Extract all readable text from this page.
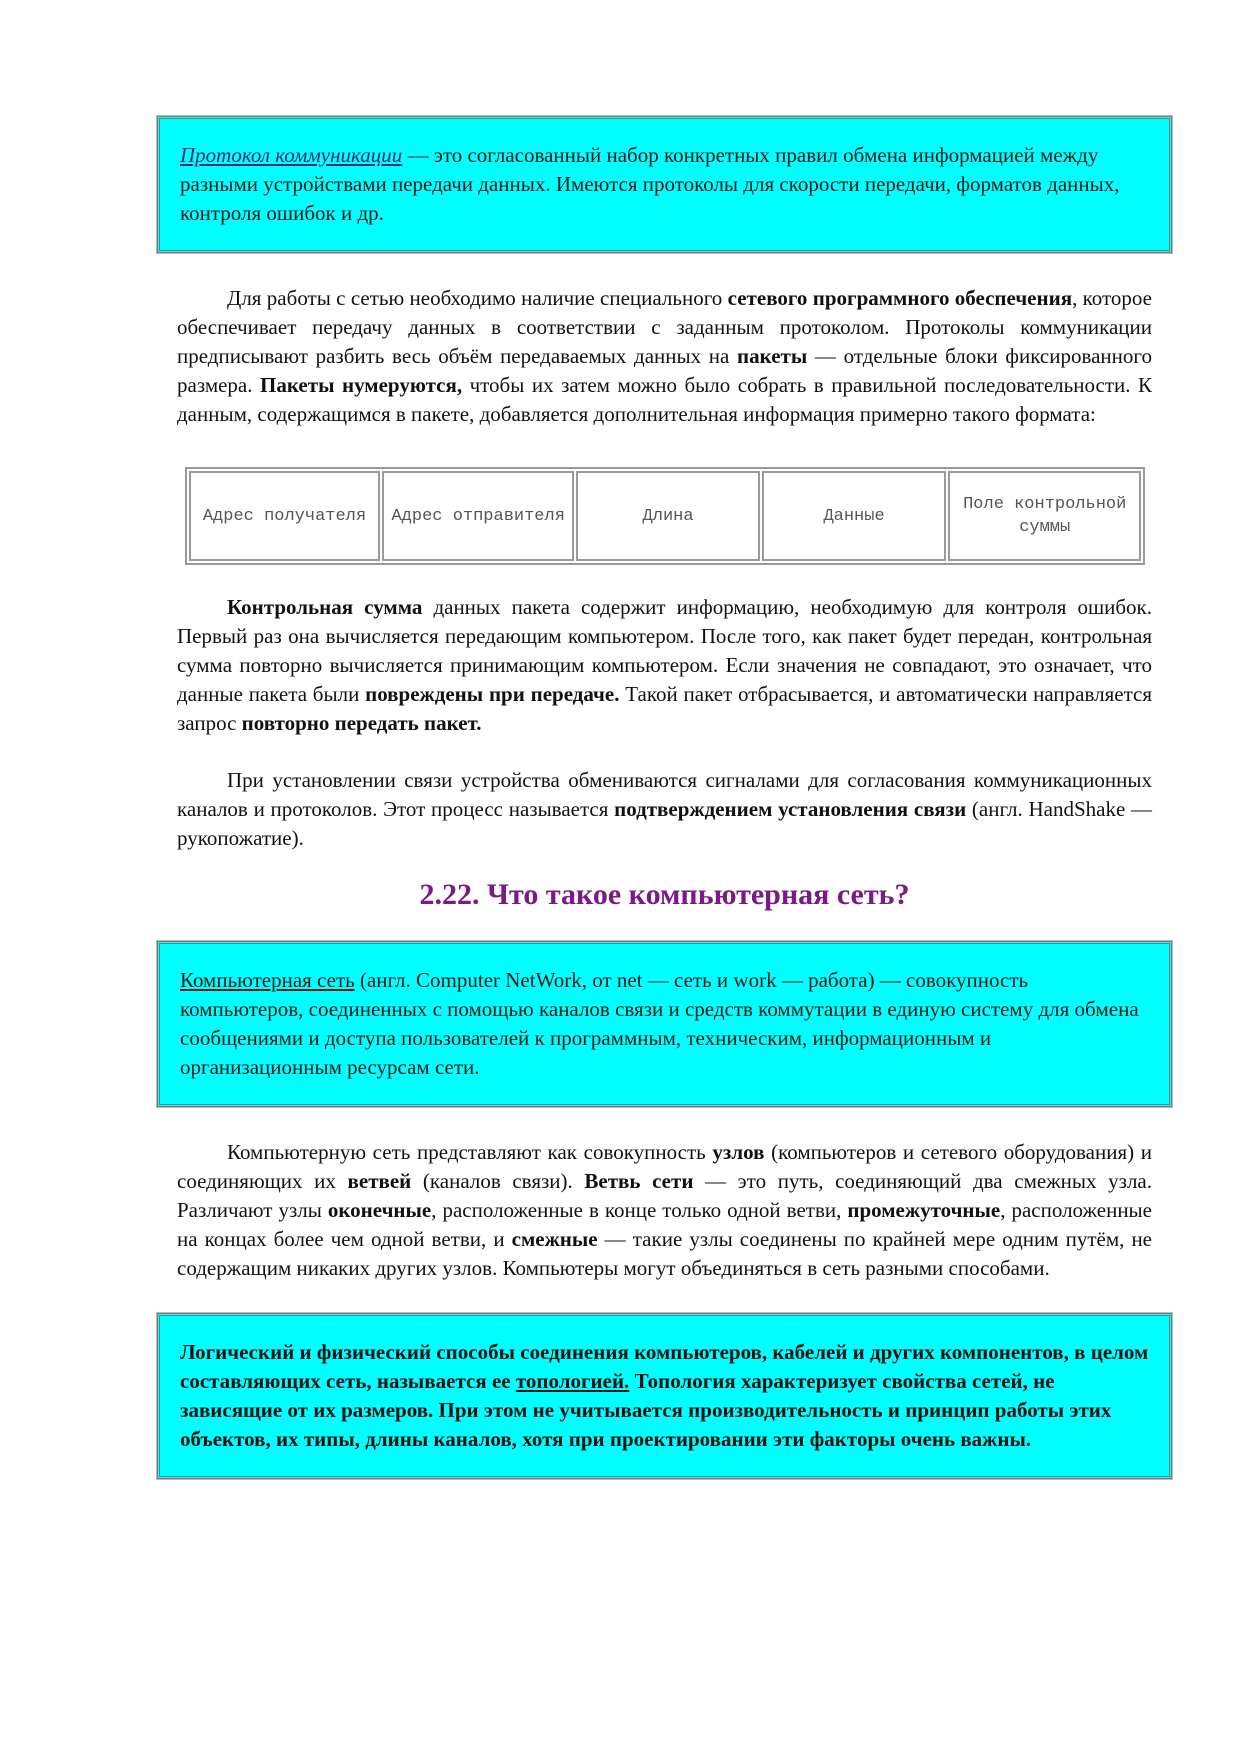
Протокол коммуникации — это согласованный набор конкретных правил обмена информацией между разными устройствами передачи данных. Имеются протоколы для скорости передачи, форматов данных, контроля ошибок и др.

Для работы с сетью необходимо наличие специального сетевого программного обеспечения, которое обеспечивает передачу данных в соответствии с заданным протоколом. Протоколы коммуникации предписывают разбить весь объём передаваемых данных на пакеты — отдельные блоки фиксированного размера. Пакеты нумеруются, чтобы их затем можно было собрать в правильной последовательности. К данным, содержащимся в пакете, добавляется дополнительная информация примерно такого формата:

Адрес получателя	Адрес отправителя	Длина	Данные	Поле контрольной суммы

Контрольная сумма данных пакета содержит информацию, необходимую для контроля ошибок. Первый раз она вычисляется передающим компьютером. После того, как пакет будет передан, контрольная сумма повторно вычисляется принимающим компьютером. Если значения не совпадают, это означает, что данные пакета были повреждены при передаче. Такой пакет отбрасывается, и автоматически направляется запрос повторно передать пакет.

При установлении связи устройства обмениваются сигналами для согласования коммуникационных каналов и протоколов. Этот процесс называется подтверждением установления связи (англ. HandShake — рукопожатие).

2.22. Что такое компьютерная сеть?
Компьютерная сеть (англ. Computer NetWork, от net — сеть и work — работа) — совокупность компьютеров, соединенных с помощью каналов связи и средств коммутации в единую систему для обмена сообщениями и доступа пользователей к программным, техническим, информационным и организационным ресурсам сети.

Компьютерную сеть представляют как совокупность узлов (компьютеров и сетевого оборудования) и соединяющих их ветвей (каналов связи). Ветвь сети — это путь, соединяющий два смежных узла. Различают узлы оконечные, расположенные в конце только одной ветви, промежуточные, расположенные на концах более чем одной ветви, и смежные — такие узлы соединены по крайней мере одним путём, не содержащим никаких других узлов. Компьютеры могут объединяться в сеть разными способами.

Логический и физический способы соединения компьютеров, кабелей и других компонентов, в целом составляющих сеть, называется ее топологией. Топология характеризует свойства сетей, не зависящие от их размеров. При этом не учитывается производительность и принцип работы этих объектов, их типы, длины каналов, хотя при проектировании эти факторы очень важны.
